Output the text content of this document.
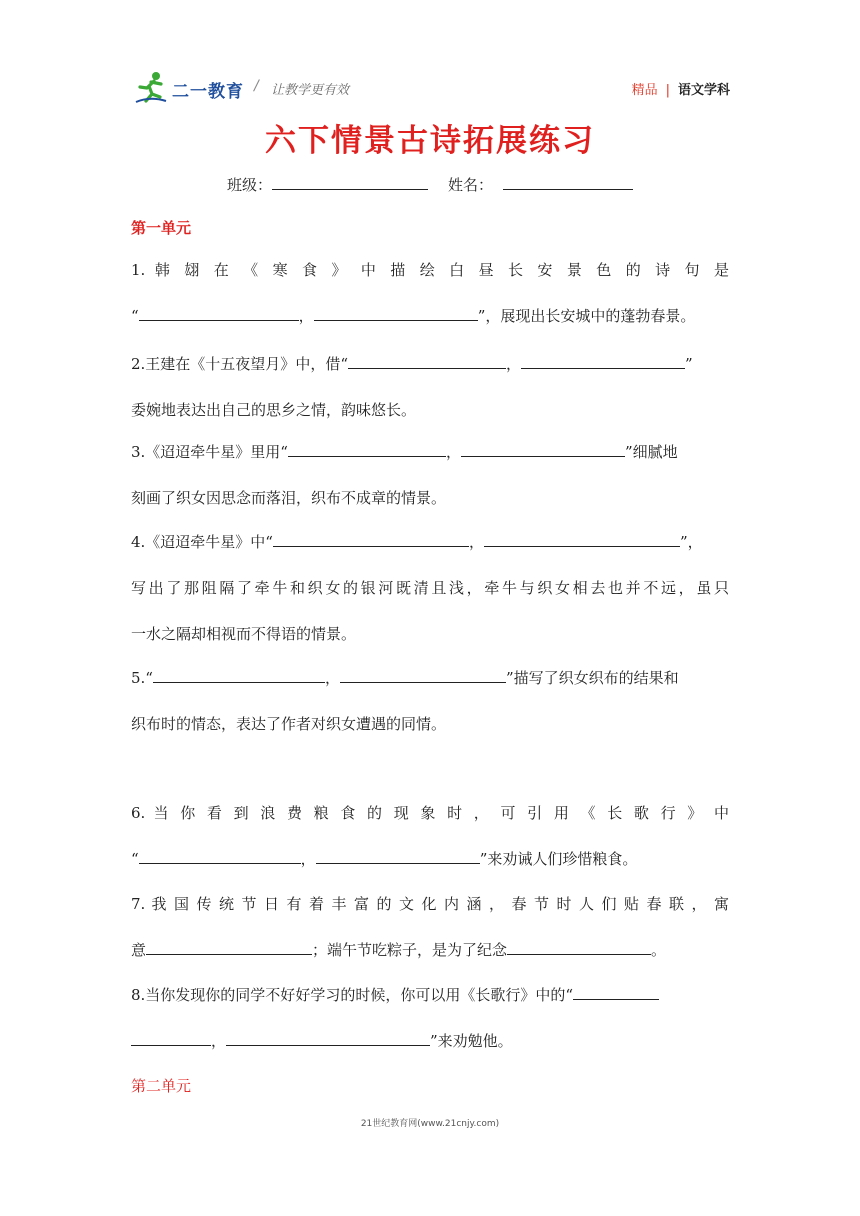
二一教育 / 让教学更有效	精品 | 语文学科
六下情景古诗拓展练习
班级：	姓名：
第一单元
1. 韩 翃 在 《 寒 食 》 中 描 绘 白 昼 长 安 景 色 的 诗 句 是
“	，	”，展现出长安城中的蓬勃春景。
2.王建在《十五夜望月》中，借“	，	”
委婉地表达出自己的思乡之情，韵味悠长。
3.《迢迢牵牛星》里用“	，	”细腻地
刻画了织女因思念而落泪，织布不成章的情景。
4.《迢迢牵牛星》中“	，	”，
写出了那阻隔了牵牛和织女的银河既清且浅，牵牛与织女相去也并不远，虽只
一水之隔却相视而不得语的情景。
5.“	，	”描写了织女织布的结果和
织布时的情态，表达了作者对织女遭遇的同情。
6. 当 你 看 到 浪 费 粮 食 的 现 象 时 ， 可 引 用 《 长 歌 行 》 中
“	，	”来劝诫人们珍惜粮食。
7. 我 国 传 统 节 日 有 着 丰 富 的 文 化 内 涵 ， 春 节 时 人 们 贴 春 联 ， 寓
意	；端午节吃粽子，是为了纪念	。
8.当你发现你的同学不好好学习的时候，你可以用《长歌行》中的“
，	”来劝勉他。
第二单元
21世纪教育网(www.21cnjy.com)
